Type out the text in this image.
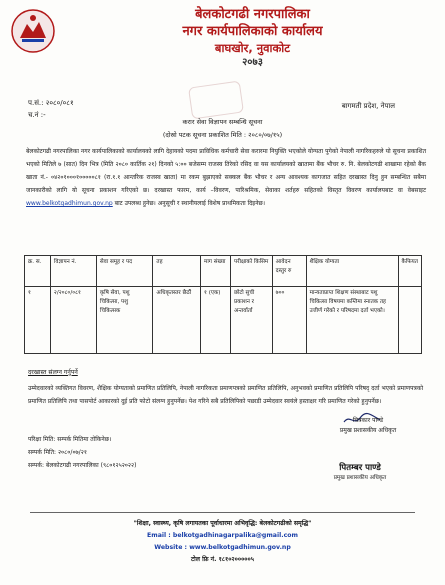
बेलकोटगढी नगरपालिका
नगर कार्यपालिकाको कार्यालय
बाघखोर, नुवाकोट
२०७३
प.सं.: २०८०/०८१
च.नं :-
बागमती प्रदेश, नेपाल
करार सेवा विज्ञापन सम्बन्धि सूचना
(दोस्रो पटक सूचना प्रकाशित मिति : २०८०/०७/१५)
बेलकोटगढी नगरपालिका नगर कार्यपालिकाको कार्यालयको लागि देहायको पदमा प्राविधिक कर्मचारी सेवा करारमा नियुक्ति भएकोले योग्यता पुगेको नेपाली नागरिकहरुले यो सूचना प्रकाशित भएको मितिले ७ (सात) दिन भित्र (मिति २०८० कार्तिक २१) दिनको ५:०० बजेसम्म राजस्व तिरेको रसिद वा यस कार्यालयको खातामा बैंक भौचर रु. नि. बेलकोटगढी शाखामा रहेको बैंक खाता नं.- ०४२०१०००१०००००८१ (रा.१.१ आन्तरिक राजस्व खाता) मा रकम बुझाएको सक्कल बैंक भौचर र अन्य आवश्यक कागजात सहित दरखास्त दिनु हुन सम्बन्धित सबैमा जानकारीको लागि यो सूचना प्रकाशन गरिएको छ। दरखास्त फारम, कार्य –विवरण, पारिश्रमिक, सेवाका शर्तहरु सहितको विस्तृत विवरण कार्यालयबाट वा वेबसाइट www.belkotgadhimun.gov.np बाट उपलब्ध हुनेछ। अनुसूची र स्थानीयलाई विशेष प्राथमिकता दिइनेछ।
क्र. स.	विज्ञापन नं.	सेवा समूह र पद	तह	माग संख्या	परीक्षाको किसिम	आवेदन दस्तुर रु	शैक्षिक योग्यता	कैफियत
१	२/२०८०/०८१	कृषि सेवा, पशु चिकित्सा, पशु चिकित्सक	अधिकृतस्तर छैठौं	१ (एक)	छोटो सुची प्रकाशन र अन्तर्वार्ता	७००	मान्यताप्राप्त शिक्षण संस्थाबाट पशु चिकित्सा विषयमा कम्तिमा स्नातक तह उत्तीर्ण गरेको र परिषदमा दर्ता भएको।	
दरखास्त संलग्न गर्नुपर्ने
उम्मेदवारको व्यक्तिगत विवरण, शैक्षिक योग्यताको प्रमाणित प्रतिलिपि, नेपाली नागरिकता प्रमाणपत्रको प्रमाणित प्रतिलिपि, अनुभवको प्रमाणित प्रतिलिपि परिषद् दर्ता भएको प्रमाणपत्रको प्रमाणित प्रतिलिपि तथा पासपोर्ट आकारको दुई प्रति फोटो संलग्न हुनुपर्नेछ। पेश गरिने सबै प्रतिलिपिको पछाडी उम्मेदवार स्वयंले हस्ताक्षर गरि प्रमाणित गरेको हुनुपर्नेछ।
परिक्षा मिति: सम्पर्क मितिमा तोकिनेछ।
सम्पर्क मिति: २०८०/०७/२१
सम्पर्क: बेलकोटगढी नगरपालिका (९८०१२५२०२२)
चित्रकार पाण्डे
प्रमुख प्रशासकीय अधिकृत
पितम्बर पाण्डे
प्रमुख प्रशासकीय अधिकृत
"शिक्षा, स्वास्थ्य, कृषि लगायतका पूर्वाधारमा अभिवृद्धि: बेलकोटगढीको समृद्धि"
Email : belkotgadhinagarpalika@gmail.com
Website : www.belkotgadhimun.gov.np
टोल फ्रि नं. १८१०२०००००५
